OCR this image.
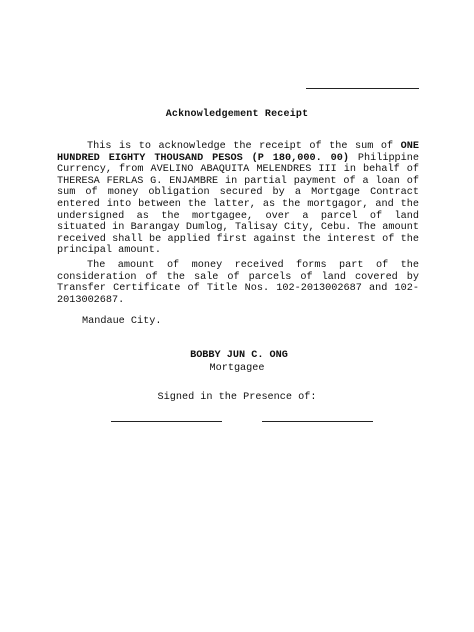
Acknowledgement Receipt

This is to acknowledge the receipt of the sum of ONE HUNDRED EIGHTY THOUSAND PESOS (P 180,000. 00) Philippine Currency, from AVELINO ABAQUITA MELENDRES III in behalf of THERESA FERLAS G. ENJAMBRE in partial payment of a loan of sum of money obligation secured by a Mortgage Contract entered into between the latter, as the mortgagor, and the undersigned as the mortgagee, over a parcel of land situated in Barangay Dumlog, Talisay City, Cebu. The amount received shall be applied first against the interest of the principal amount.

The amount of money received forms part of the consideration of the sale of parcels of land covered by Transfer Certificate of Title Nos. 102-2013002687 and 102-2013002687.

Mandaue City.
BOBBY JUN C. ONG
Mortgagee
Signed in the Presence of:
